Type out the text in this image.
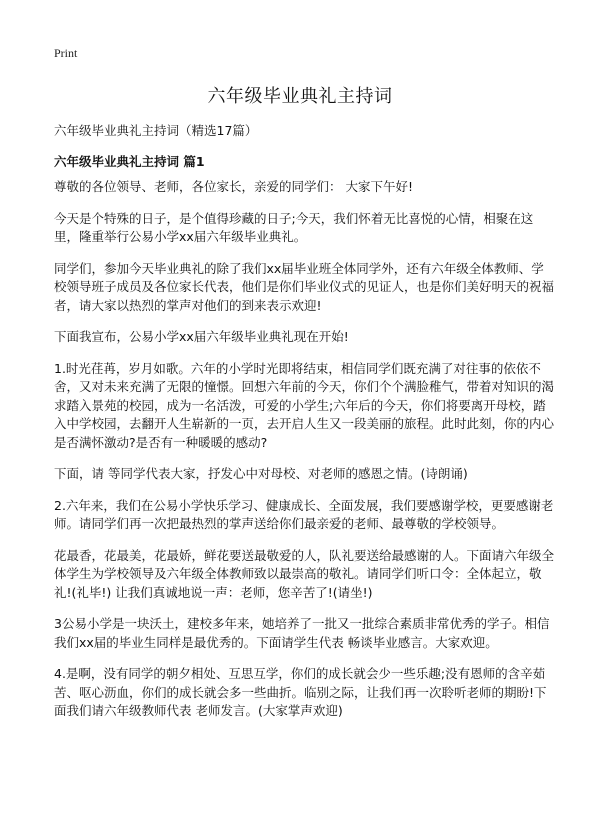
Print
六年级毕业典礼主持词
六年级毕业典礼主持词（精选17篇）
六年级毕业典礼主持词 篇1

尊敬的各位领导、老师，各位家长，亲爱的同学们： 大家下午好!

今天是个特殊的日子，是个值得珍藏的日子;今天，我们怀着无比喜悦的心情，相聚在这里，隆重举行公易小学xx届六年级毕业典礼。

同学们，参加今天毕业典礼的除了我们xx届毕业班全体同学外，还有六年级全体教师、学校领导班子成员及各位家长代表，他们是你们毕业仪式的见证人，也是你们美好明天的祝福者，请大家以热烈的掌声对他们的到来表示欢迎!

下面我宣布，公易小学xx届六年级毕业典礼现在开始!

1.时光荏苒，岁月如歌。六年的小学时光即将结束，相信同学们既充满了对往事的依依不舍，又对未来充满了无限的憧憬。回想六年前的今天，你们个个满脸稚气，带着对知识的渴求踏入景苑的校园，成为一名活泼，可爱的小学生;六年后的今天，你们将要离开母校，踏入中学校园，去翻开人生崭新的一页，去开启人生又一段美丽的旅程。此时此刻，你的内心是否满怀激动?是否有一种暖暖的感动?

下面，请 等同学代表大家，抒发心中对母校、对老师的感恩之情。(诗朗诵)

2.六年来，我们在公易小学快乐学习、健康成长、全面发展，我们要感谢学校，更要感谢老师。请同学们再一次把最热烈的掌声送给你们最亲爱的老师、最尊敬的学校领导。

花最香，花最美，花最娇，鲜花要送最敬爱的人，队礼要送给最感谢的人。下面请六年级全体学生为学校领导及六年级全体教师致以最崇高的敬礼。请同学们听口令：全体起立，敬礼!(礼毕!) 让我们真诚地说一声：老师，您辛苦了!(请坐!)

3公易小学是一块沃土，建校多年来，她培养了一批又一批综合素质非常优秀的学子。相信我们xx届的毕业生同样是最优秀的。下面请学生代表 畅谈毕业感言。大家欢迎。

4.是啊，没有同学的朝夕相处、互思互学，你们的成长就会少一些乐趣;没有恩师的含辛茹苦、呕心沥血，你们的成长就会多一些曲折。临别之际，让我们再一次聆听老师的期盼!下面我们请六年级教师代表 老师发言。(大家掌声欢迎)
